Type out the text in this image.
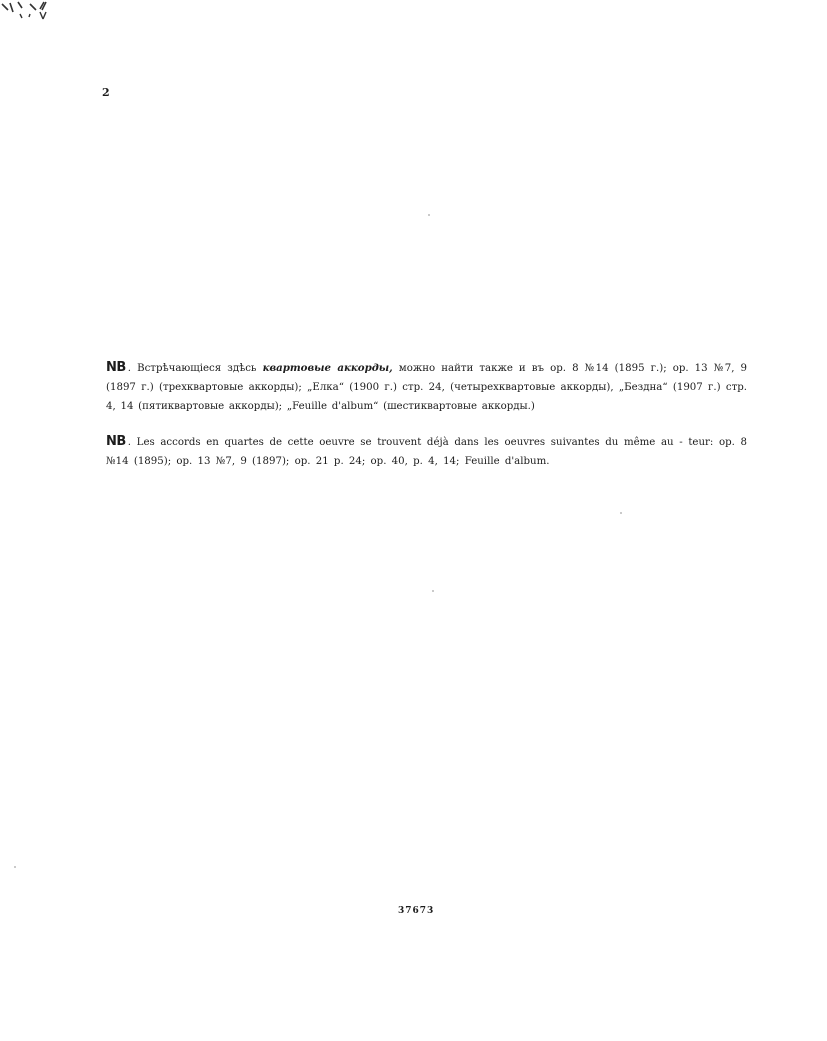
2

NB . Встрѣчающіеся здѣсь квартовые аккорды, можно найти также и въ ор. 8 №14 (1895 г.); ор. 13 №7, 9 (1897 г.) (трехквартовые аккорды); „Елка“ (1900 г.) стр. 24, (четырехквартовые аккорды), „Бездна“ (1907 г.) стр. 4, 14 (пятиквартовые аккорды); „Feuille d'album“ (шестиквартовые аккорды.)

NB . Les accords en quartes de cette oeuvre se trouvent déjà dans les oeuvres suivantes du même au - teur: op. 8 №14 (1895); op. 13 №7, 9 (1897); op. 21 p. 24; op. 40, p. 4, 14; Feuille d'album.

37673
